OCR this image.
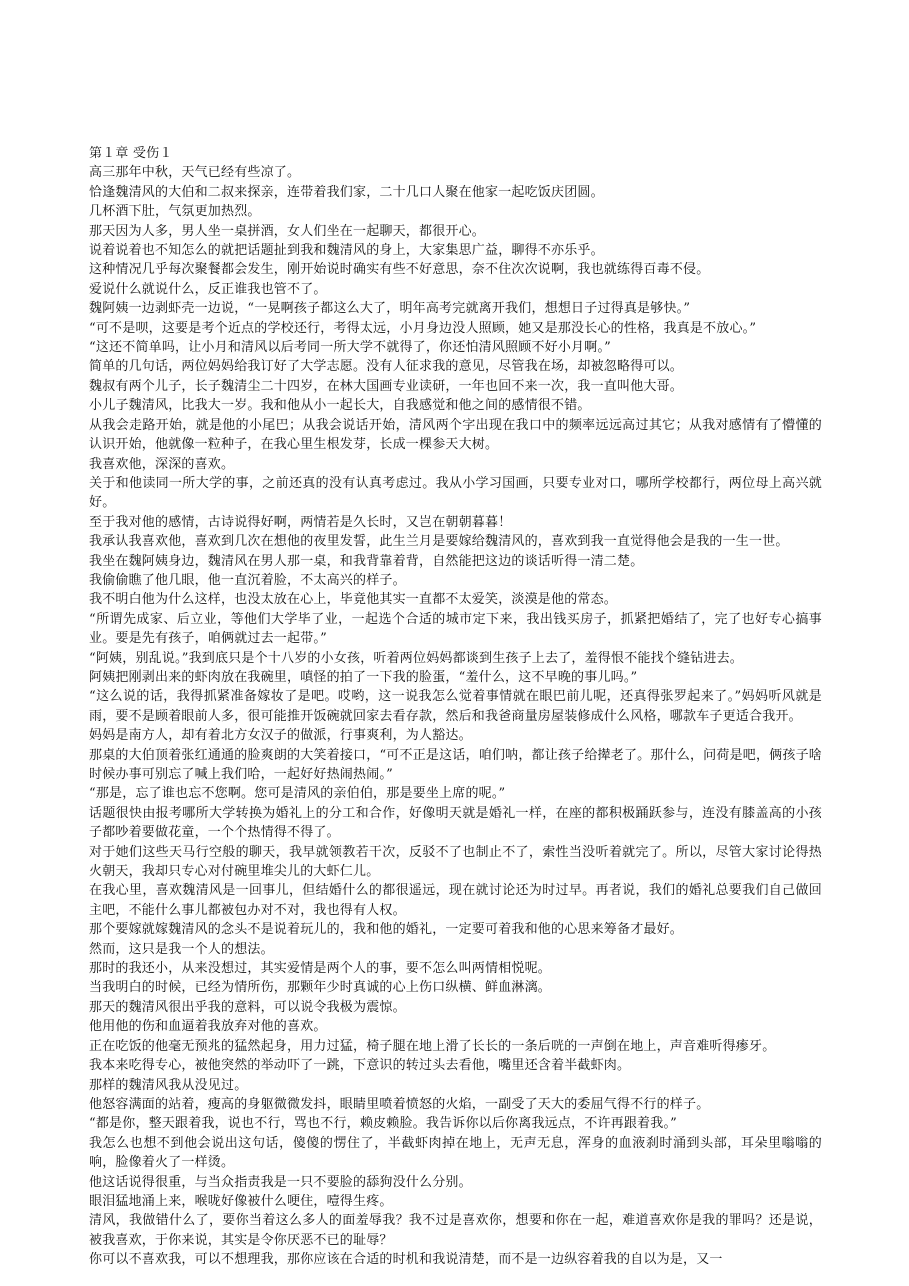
第１章 受伤１

高三那年中秋，天气已经有些凉了。

恰逢魏清风的大伯和二叔来探亲，连带着我们家，二十几口人聚在他家一起吃饭庆团圆。

几杯酒下肚，气氛更加热烈。

那天因为人多，男人坐一桌拼酒，女人们坐在一起聊天，都很开心。

说着说着也不知怎么的就把话题扯到我和魏清风的身上，大家集思广益，聊得不亦乐乎。

这种情况几乎每次聚餐都会发生，刚开始说时确实有些不好意思，奈不住次次说啊，我也就练得百毒不侵。

爱说什么就说什么，反正谁我也管不了。

魏阿姨一边剥虾壳一边说，“一晃啊孩子都这么大了，明年高考完就离开我们，想想日子过得真是够快。”

“可不是呗，这要是考个近点的学校还行，考得太远，小月身边没人照顾，她又是那没长心的性格，我真是不放心。”

“这还不简单吗，让小月和清风以后考同一所大学不就得了，你还怕清风照顾不好小月啊。”

简单的几句话，两位妈妈给我订好了大学志愿。没有人征求我的意见，尽管我在场，却被忽略得可以。

魏叔有两个儿子，长子魏清尘二十四岁，在林大国画专业读研，一年也回不来一次，我一直叫他大哥。

小儿子魏清风，比我大一岁。我和他从小一起长大，自我感觉和他之间的感情很不错。

从我会走路开始，就是他的小尾巴；从我会说话开始，清风两个字出现在我口中的频率远远高过其它；从我对感情有了懵懂的认识开始，他就像一粒种子，在我心里生根发芽，长成一棵参天大树。

我喜欢他，深深的喜欢。

关于和他读同一所大学的事，之前还真的没有认真考虑过。我从小学习国画，只要专业对口，哪所学校都行，两位母上高兴就好。

至于我对他的感情，古诗说得好啊，两情若是久长时，又岂在朝朝暮暮！

我承认我喜欢他，喜欢到几次在想他的夜里发誓，此生兰月是要嫁给魏清风的，喜欢到我一直觉得他会是我的一生一世。

我坐在魏阿姨身边，魏清风在男人那一桌，和我背靠着背，自然能把这边的谈话听得一清二楚。

我偷偷瞧了他几眼，他一直沉着脸，不太高兴的样子。

我不明白他为什么这样，也没太放在心上，毕竟他其实一直都不太爱笑，淡漠是他的常态。

“所谓先成家、后立业，等他们大学毕了业，一起选个合适的城市定下来，我出钱买房子，抓紧把婚结了，完了也好专心搞事业。要是先有孩子，咱俩就过去一起带。”

“阿姨，别乱说。”我到底只是个十八岁的小女孩，听着两位妈妈都谈到生孩子上去了，羞得恨不能找个缝钻进去。

阿姨把刚剥出来的虾肉放在我碗里，嗔怪的拍了一下我的脸蛋，“羞什么，这不早晚的事儿吗。”

“这么说的话，我得抓紧准备嫁妆了是吧。哎哟，这一说我怎么觉着事情就在眼巴前儿呢，还真得张罗起来了。”妈妈听风就是雨，要不是顾着眼前人多，很可能推开饭碗就回家去看存款，然后和我爸商量房屋装修成什么风格，哪款车子更适合我开。

妈妈是南方人，却有着北方女汉子的做派，行事爽利，为人豁达。

那桌的大伯顶着张红通通的脸爽朗的大笑着接口，“可不正是这话，咱们呐，都让孩子给撵老了。那什么，问荷是吧，俩孩子啥时候办事可别忘了喊上我们哈，一起好好热闹热闹。”

“那是，忘了谁也忘不您啊。您可是清风的亲伯伯，那是要坐上席的呢。”

话题很快由报考哪所大学转换为婚礼上的分工和合作，好像明天就是婚礼一样，在座的都积极踊跃参与，连没有膝盖高的小孩子都吵着要做花童，一个个热情得不得了。

对于她们这些天马行空般的聊天，我早就领教若干次，反驳不了也制止不了，索性当没听着就完了。所以，尽管大家讨论得热火朝天，我却只专心对付碗里堆尖儿的大虾仁儿。

在我心里，喜欢魏清风是一回事儿，但结婚什么的都很遥远，现在就讨论还为时过早。再者说，我们的婚礼总要我们自己做回主吧，不能什么事儿都被包办对不对，我也得有人权。

那个要嫁就嫁魏清风的念头不是说着玩儿的，我和他的婚礼，一定要可着我和他的心思来筹备才最好。

然而，这只是我一个人的想法。

那时的我还小，从来没想过，其实爱情是两个人的事，要不怎么叫两情相悦呢。

当我明白的时候，已经为情所伤，那颗年少时真诚的心上伤口纵横、鲜血淋漓。

那天的魏清风很出乎我的意料，可以说令我极为震惊。

他用他的伤和血逼着我放弃对他的喜欢。

正在吃饭的他毫无预兆的猛然起身，用力过猛，椅子腿在地上滑了长长的一条后咣的一声倒在地上，声音难听得瘆牙。

我本来吃得专心，被他突然的举动吓了一跳，下意识的转过头去看他，嘴里还含着半截虾肉。

那样的魏清风我从没见过。

他怒容满面的站着，瘦高的身躯微微发抖，眼睛里喷着愤怒的火焰，一副受了天大的委屈气得不行的样子。

“都是你，整天跟着我，说也不行，骂也不行，赖皮赖脸。我告诉你以后你离我远点，不许再跟着我。”

我怎么也想不到他会说出这句话，傻傻的愣住了，半截虾肉掉在地上，无声无息，浑身的血液刹时涌到头部，耳朵里嗡嗡的响，脸像着火了一样烫。

他这话说得很重，与当众指责我是一只不要脸的舔狗没什么分别。

眼泪猛地涌上来，喉咙好像被什么哽住，噎得生疼。

清风，我做错什么了，要你当着这么多人的面羞辱我？我不过是喜欢你，想要和你在一起，难道喜欢你是我的罪吗？还是说，被我喜欢，于你来说，其实是令你厌恶不已的耻辱？

你可以不喜欢我，可以不想理我，那你应该在合适的时机和我说清楚，而不是一边纵容着我的自以为是，又一
